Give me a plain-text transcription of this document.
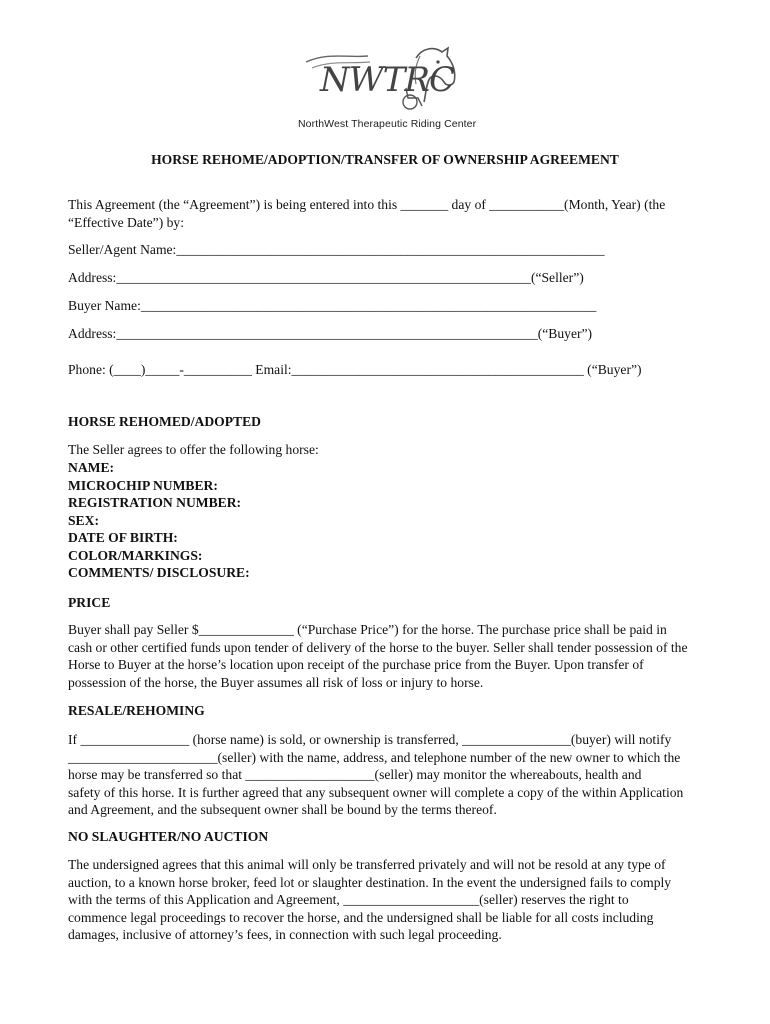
NWTRC
NorthWest Therapeutic Riding Center
HORSE REHOME/ADOPTION/TRANSFER OF OWNERSHIP AGREEMENT
This Agreement (the “Agreement”) is being entered into this _______ day of ___________(Month, Year) (the
“Effective Date”) by:
Seller/Agent Name:_______________________________________________________________
Address:_____________________________________________________________(“Seller”)
Buyer Name:___________________________________________________________________
Address:______________________________________________________________(“Buyer”)
Phone: (____)_____-__________ Email:___________________________________________ (“Buyer”)
HORSE REHOMED/ADOPTED
The Seller agrees to offer the following horse:
NAME:
MICROCHIP NUMBER:
REGISTRATION NUMBER:
SEX:
DATE OF BIRTH:
COLOR/MARKINGS:
COMMENTS/ DISCLOSURE:
PRICE
Buyer shall pay Seller $______________ (“Purchase Price”) for the horse. The purchase price shall be paid in
cash or other certified funds upon tender of delivery of the horse to the buyer. Seller shall tender possession of the
Horse to Buyer at the horse’s location upon receipt of the purchase price from the Buyer. Upon transfer of
possession of the horse, the Buyer assumes all risk of loss or injury to horse.
RESALE/REHOMING
If ________________ (horse name) is sold, or ownership is transferred, ________________(buyer) will notify
______________________(seller) with the name, address, and telephone number of the new owner to which the
horse may be transferred so that ___________________(seller) may monitor the whereabouts, health and
safety of this horse. It is further agreed that any subsequent owner will complete a copy of the within Application
and Agreement, and the subsequent owner shall be bound by the terms thereof.
NO SLAUGHTER/NO AUCTION
The undersigned agrees that this animal will only be transferred privately and will not be resold at any type of
auction, to a known horse broker, feed lot or slaughter destination. In the event the undersigned fails to comply
with the terms of this Application and Agreement, ____________________(seller) reserves the right to
commence legal proceedings to recover the horse, and the undersigned shall be liable for all costs including
damages, inclusive of attorney’s fees, in connection with such legal proceeding.
